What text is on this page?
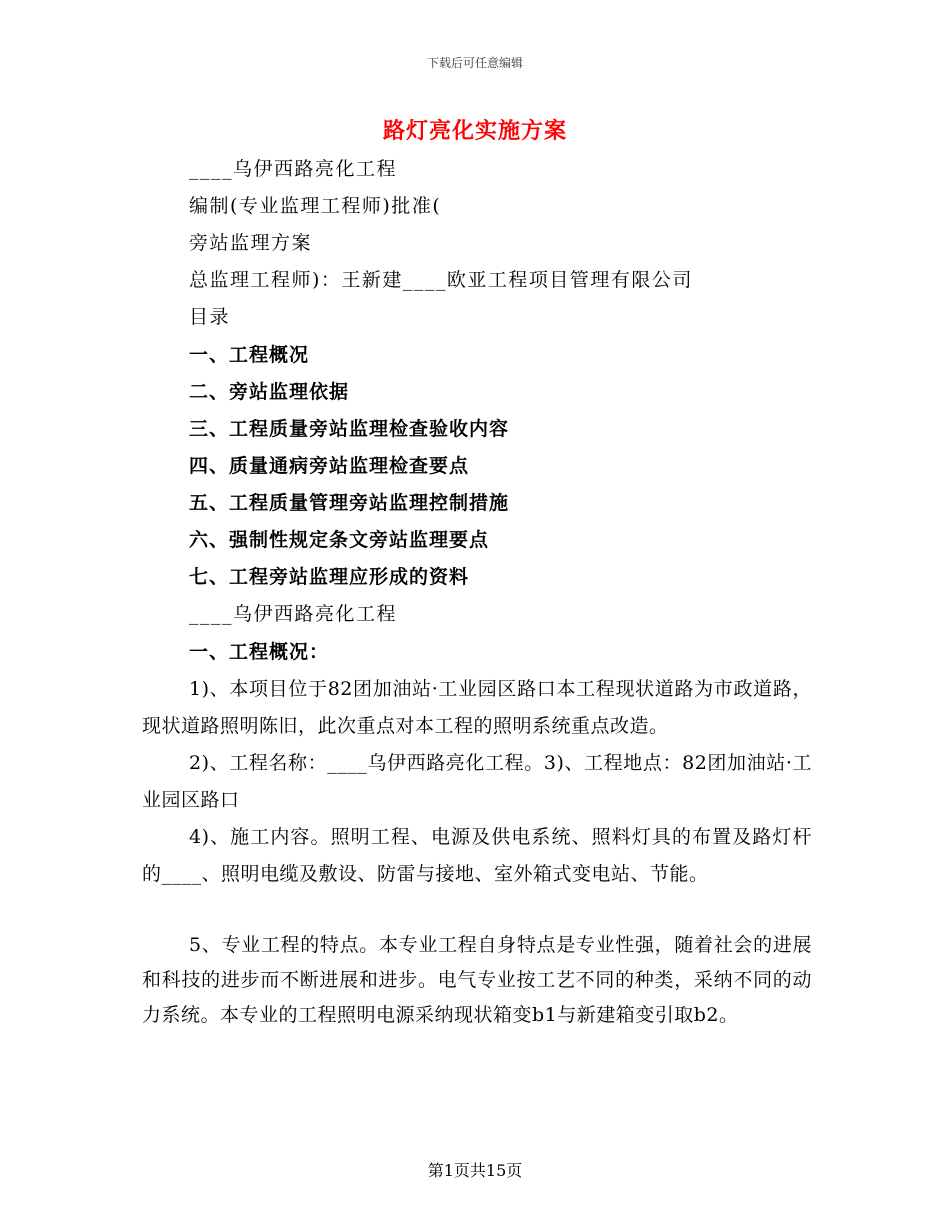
下载后可任意编辑
路灯亮化实施方案
____乌伊西路亮化工程
编制(专业监理工程师)批准(
旁站监理方案
总监理工程师)：王新建____欧亚工程项目管理有限公司
目录
一、工程概况
二、旁站监理依据
三、工程质量旁站监理检查验收内容
四、质量通病旁站监理检查要点
五、工程质量管理旁站监理控制措施
六、强制性规定条文旁站监理要点
七、工程旁站监理应形成的资料
____乌伊西路亮化工程
一、工程概况：
1)、本项目位于82团加油站·工业园区路口本工程现状道路为市政道路，现状道路照明陈旧，此次重点对本工程的照明系统重点改造。
2)、工程名称：____乌伊西路亮化工程。3)、工程地点：82团加油站·工业园区路口
4)、施工内容。照明工程、电源及供电系统、照料灯具的布置及路灯杆的____、照明电缆及敷设、防雷与接地、室外箱式变电站、节能。
5、专业工程的特点。本专业工程自身特点是专业性强，随着社会的进展和科技的进步而不断进展和进步。电气专业按工艺不同的种类，采纳不同的动力系统。本专业的工程照明电源采纳现状箱变b1与新建箱变引取b2。
第1页共15页
